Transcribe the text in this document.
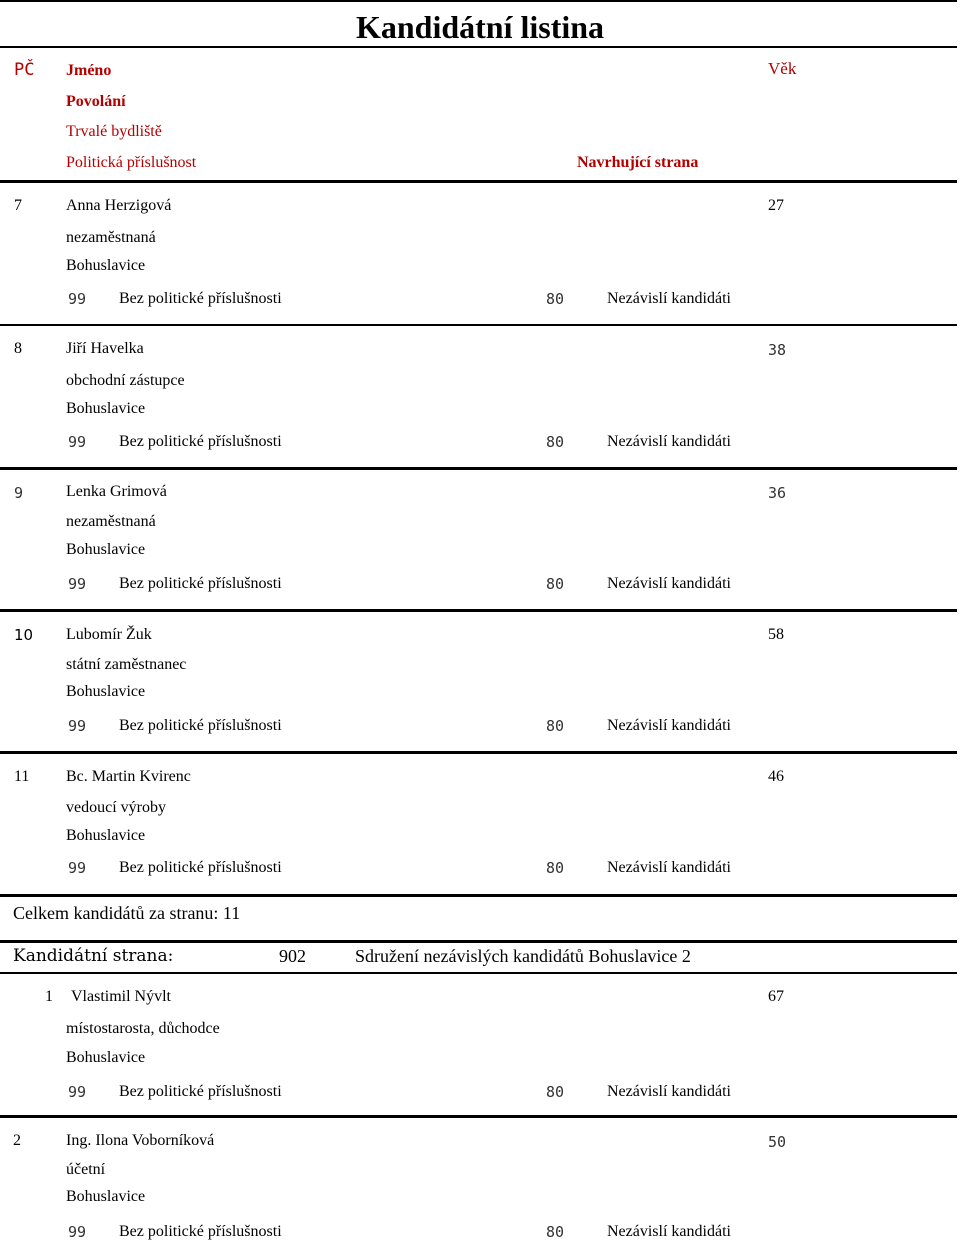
Kandidátní listina
PČ Jméno	Věk
Povolání
Trvalé bydliště
Politická příslušnost	Navrhující strana
7	Anna Herzigová	27
nezaměstnaná
Bohuslavice
99 Bez politické příslušnosti	80	Nezávislí kandidáti
8	Jiří Havelka	38
obchodní zástupce
Bohuslavice
99 Bez politické příslušnosti	80	Nezávislí kandidáti
9	Lenka Grimová	36
nezaměstnaná
Bohuslavice
99 Bez politické příslušnosti	80	Nezávislí kandidáti
10 Lubomír Žuk	58
státní zaměstnanec
Bohuslavice
99 Bez politické příslušnosti	80	Nezávislí kandidáti
11 Bc. Martin Kvirenc	46
vedoucí výroby
Bohuslavice
99 Bez politické příslušnosti	80	Nezávislí kandidáti
Celkem kandidátů za stranu: 11
Kandidátní strana:	902	Sdružení nezávislých kandidátů Bohuslavice 2
1 Vlastimil Nývlt	67
místostarosta, důchodce
Bohuslavice
99 Bez politické příslušnosti	80	Nezávislí kandidáti
2	Ing. Ilona Voborníková	50
účetní
Bohuslavice
99 Bez politické příslušnosti	80	Nezávislí kandidáti
